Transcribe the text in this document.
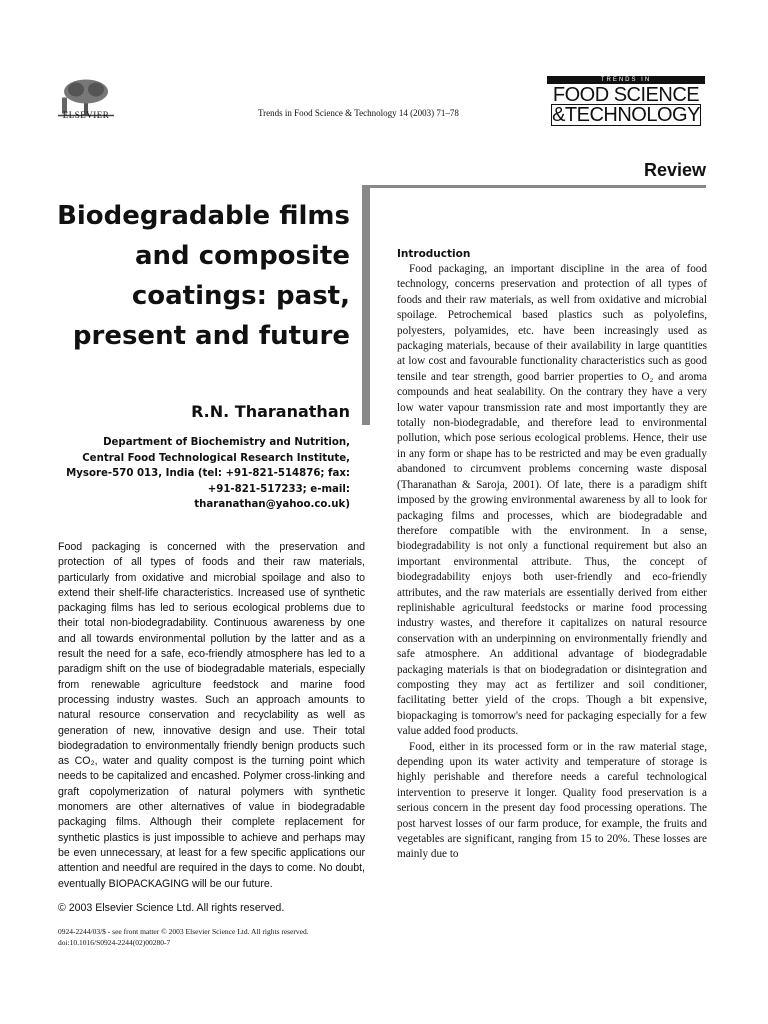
ELSEVIER	Trends in Food Science & Technology 14 (2003) 71–78
TRENDS IN
FOOD SCIENCE
&TECHNOLOGY
Review
Biodegradable films and composite coatings: past, present and future
R.N. Tharanathan
Department of Biochemistry and Nutrition, Central Food Technological Research Institute, Mysore-570 013, India (tel: +91-821-514876; fax: +91-821-517233; e-mail: tharanathan@yahoo.co.uk)

Food packaging is concerned with the preservation and protection of all types of foods and their raw materials, particularly from oxidative and microbial spoilage and also to extend their shelf-life characteristics. Increased use of synthetic packaging films has led to serious ecological problems due to their total non-biodegradability. Continuous awareness by one and all towards environmental pollution by the latter and as a result the need for a safe, eco-friendly atmosphere has led to a paradigm shift on the use of biodegradable materials, especially from renewable agriculture feedstock and marine food processing industry wastes. Such an approach amounts to natural resource conservation and recyclability as well as generation of new, innovative design and use. Their total biodegradation to environmentally friendly benign products such as CO₂, water and quality compost is the turning point which needs to be capitalized and encashed. Polymer cross-linking and graft copolymerization of natural polymers with synthetic monomers are other alternatives of value in biodegradable packaging films. Although their complete replacement for synthetic plastics is just impossible to achieve and perhaps may be even unnecessary, at least for a few specific applications our attention and needful are required in the days to come. No doubt, eventually BIOPACKAGING will be our future.

© 2003 Elsevier Science Ltd. All rights reserved.
Introduction

Food packaging, an important discipline in the area of food technology, concerns preservation and protection of all types of foods and their raw materials, as well from oxidative and microbial spoilage. Petrochemical based plastics such as polyolefins, polyesters, polyamides, etc. have been increasingly used as packaging materials, because of their availability in large quantities at low cost and favourable functionality characteristics such as good tensile and tear strength, good barrier properties to O₂ and aroma compounds and heat sealability. On the contrary they have a very low water vapour transmission rate and most importantly they are totally non-biodegradable, and therefore lead to environmental pollution, which pose serious ecological problems. Hence, their use in any form or shape has to be restricted and may be even gradually abandoned to circumvent problems concerning waste disposal (Tharanathan & Saroja, 2001). Of late, there is a paradigm shift imposed by the growing environmental awareness by all to look for packaging films and processes, which are biodegradable and therefore compatible with the environment. In a sense, biodegradability is not only a functional requirement but also an important environmental attribute. Thus, the concept of biodegradability enjoys both user-friendly and eco-friendly attributes, and the raw materials are essentially derived from either replinishable agricultural feedstocks or marine food processing industry wastes, and therefore it capitalizes on natural resource conservation with an underpinning on environmentally friendly and safe atmosphere. An additional advantage of biodegradable packaging materials is that on biodegradation or disintegration and composting they may act as fertilizer and soil conditioner, facilitating better yield of the crops. Though a bit expensive, biopackaging is tomorrow's need for packaging especially for a few value added food products.

Food, either in its processed form or in the raw material stage, depending upon its water activity and temperature of storage is highly perishable and therefore needs a careful technological intervention to preserve it longer. Quality food preservation is a serious concern in the present day food processing operations. The post harvest losses of our farm produce, for example, the fruits and vegetables are significant, ranging from 15 to 20%. These losses are mainly due to

0924-2244/03/$ - see front matter © 2003 Elsevier Science Ltd. All rights reserved.
doi:10.1016/S0924-2244(02)00280-7
